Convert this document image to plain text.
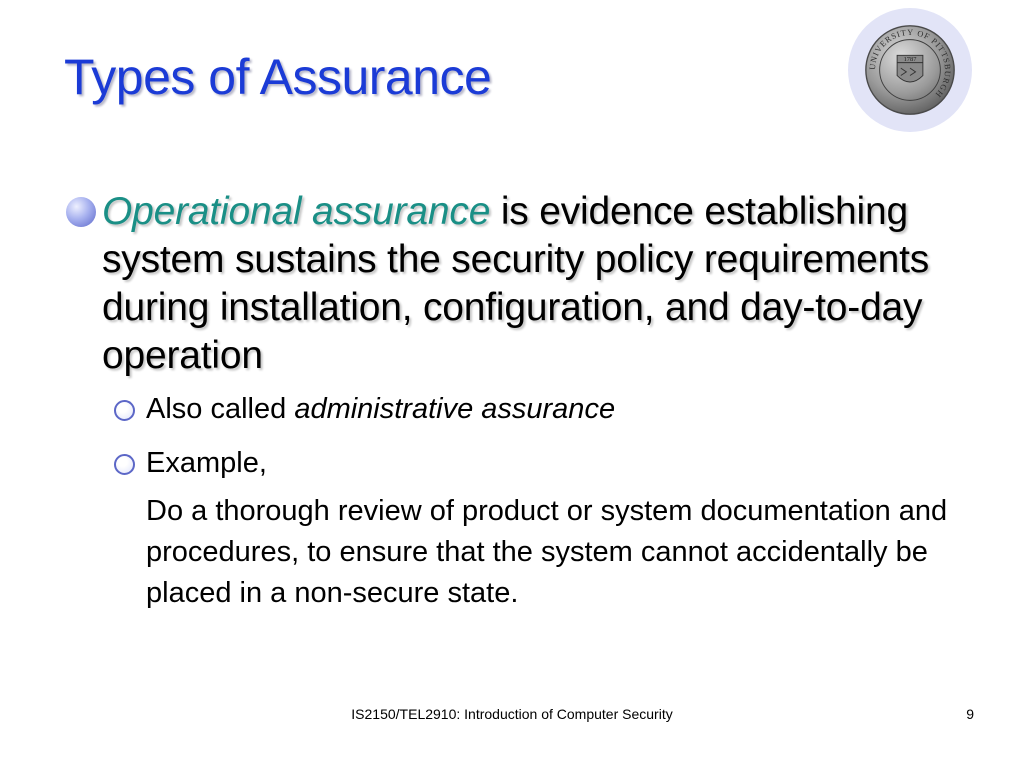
Types of Assurance	UNIVERSITY OF PITTSBURGH
1787

Operational assurance is evidence establishing system sustains the security policy requirements during installation, configuration, and day-to-day operation

Also called administrative assurance
Example,

Do a thorough review of product or system documentation and procedures, to ensure that the system cannot accidentally be placed in a non-secure state.

IS2150/TEL2910: Introduction of Computer Security	9
